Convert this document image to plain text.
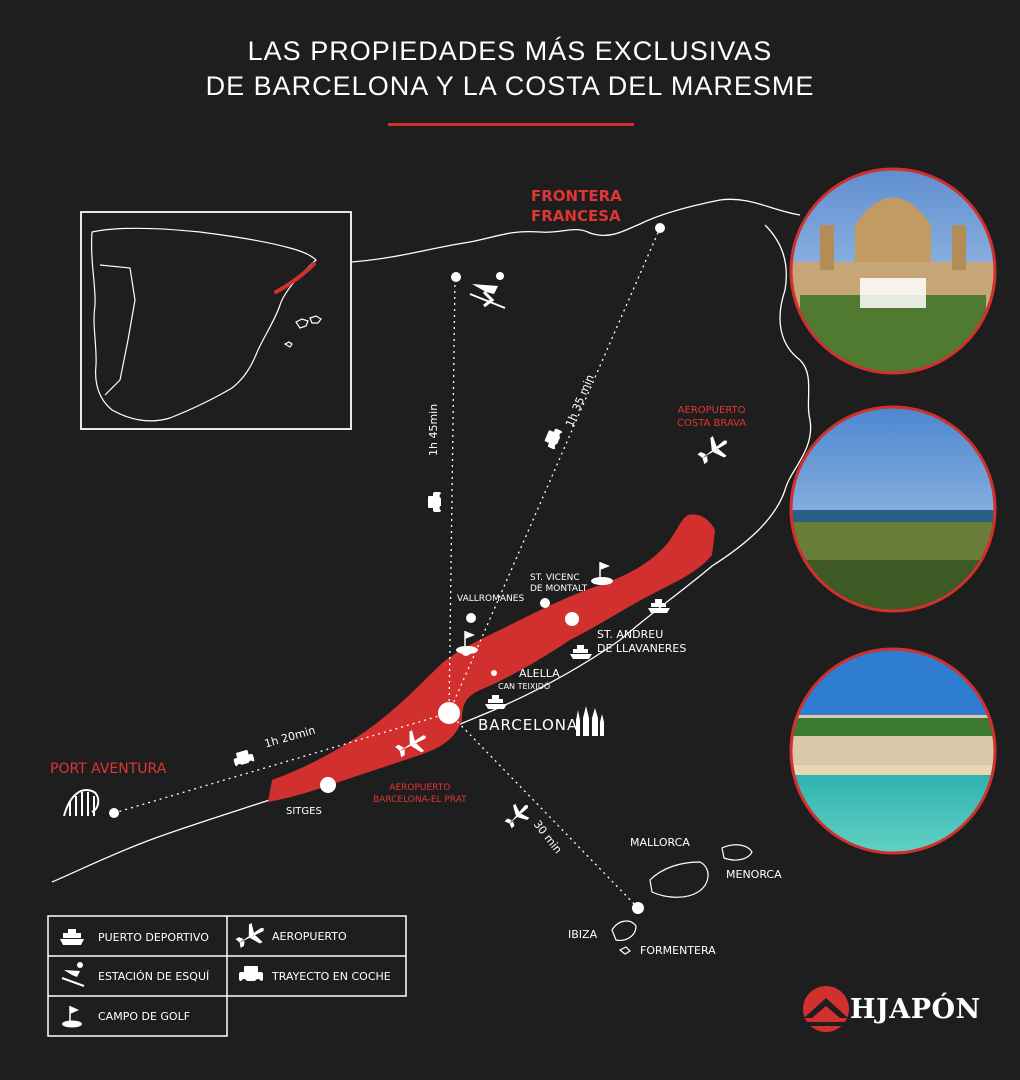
LAS PROPIEDADES MÁS EXCLUSIVAS
DE BARCELONA Y LA COSTA DEL MARESME
FRONTERA
FRANCESA
AEROPUERTO
COSTA BRAVA
PORT AVENTURA
VALLROMANES
ST. VICENC
DE MONTALT
ST. ANDREU
DE LLAVANERES
ALELLA
CAN TEIXIDÓ
BARCELONA
SITGES
AEROPUERTO
BARCELONA-EL PRAT
MALLORCA
MENORCA
IBIZA
FORMENTERA
1h 45min
1h 35 min
1h 20min
30 min
PUERTO DEPORTIVO
ESTACIÓN DE ESQUÍ
CAMPO DE GOLF
AEROPUERTO
TRAYECTO EN COCHE
HJAPÓN
